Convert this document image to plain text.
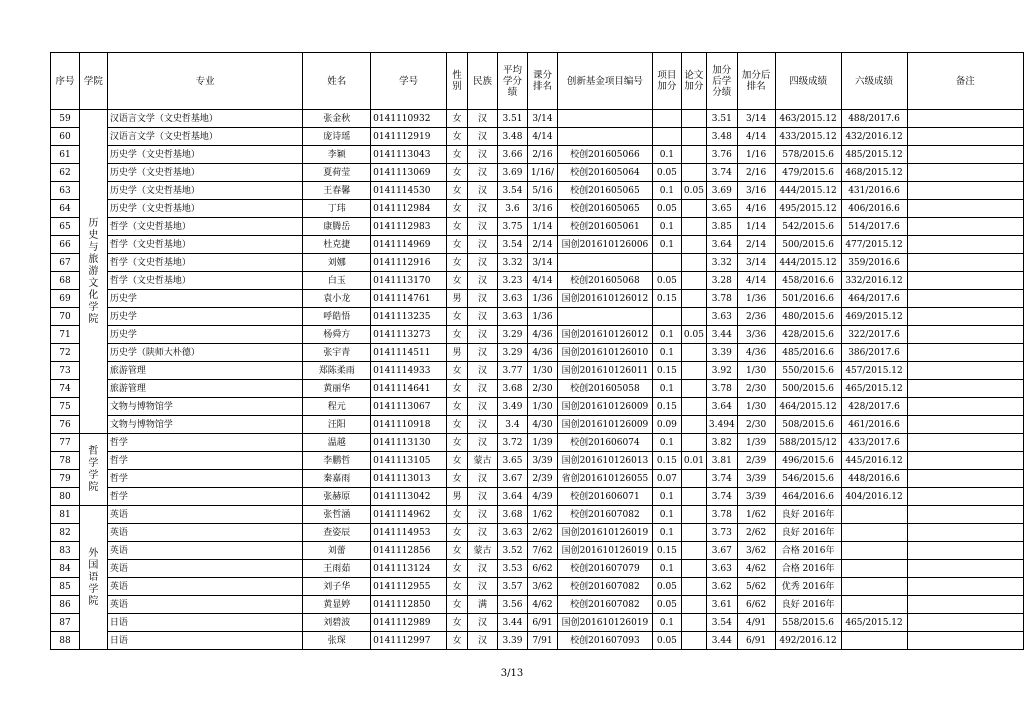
序号	学院	专业	姓名	学号	性别	民族	平均学分绩	课分排名	创新基金项目编号	项目加分	论文加分	加分后学分绩	加分后排名	四级成绩	六级成绩	备注
59	历史与旅游文化学院	汉语言文学（文史哲基地）	张金秋	0141110932	女	汉	3.51	3/14				3.51	3/14	463/2015.12	488/2017.6	
60		汉语言文学（文史哲基地）	庞诗瑶	0141112919	女	汉	3.48	4/14				3.48	4/14	433/2015.12	432/2016.12	
61		历史学（文史哲基地）	李颖	0141113043	女	汉	3.66	2/16	校创201605066	0.1		3.76	1/16	578/2015.6	485/2015.12	
62		历史学（文史哲基地）	夏荷莹	0141113069	女	汉	3.69	1/16/	校创201605064	0.05		3.74	2/16	479/2015.6	468/2015.12	
63		历史学（文史哲基地）	王春馨	0141114530	女	汉	3.54	5/16	校创201605065	0.1	0.05	3.69	3/16	444/2015.12	431/2016.6	
64		历史学（文史哲基地）	丁玮	0141112984	女	汉	3.6	3/16	校创201605065	0.05		3.65	4/16	495/2015.12	406/2016.6	
65		哲学（文史哲基地）	康腾岳	0141112983	女	汉	3.75	1/14	校创201605061	0.1		3.85	1/14	542/2015.6	514/2017.6	
66		哲学（文史哲基地）	杜克捷	0141114969	女	汉	3.54	2/14	国创201610126006	0.1		3.64	2/14	500/2015.6	477/2015.12	
67		哲学（文史哲基地）	刘娜	0141112916	女	汉	3.32	3/14				3.32	3/14	444/2015.12	359/2016.6	
68		哲学（文史哲基地）	白玉	0141113170	女	汉	3.23	4/14	校创201605068	0.05		3.28	4/14	458/2016.6	332/2016.12	
69		历史学	袁小龙	0141114761	男	汉	3.63	1/36	国创201610126012	0.15		3.78	1/36	501/2016.6	464/2017.6	
70		历史学	呼皓悟	0141113235	女	汉	3.63	1/36				3.63	2/36	480/2015.6	469/2015.12	
71		历史学	杨舜方	0141113273	女	汉	3.29	4/36	国创201610126012	0.1	0.05	3.44	3/36	428/2015.6	322/2017.6	
72		历史学（陕师大朴德）	张宇青	0141114511	男	汉	3.29	4/36	国创201610126010	0.1		3.39	4/36	485/2016.6	386/2017.6	
73		旅游管理	郑陈柔雨	0141114933	女	汉	3.77	1/30	国创201610126011	0.15		3.92	1/30	550/2015.6	457/2015.12	
74		旅游管理	黄丽华	0141114641	女	汉	3.68	2/30	校创201605058	0.1		3.78	2/30	500/2015.6	465/2015.12	
75		文物与博物馆学	程元	0141113067	女	汉	3.49	1/30	国创201610126009	0.15		3.64	1/30	464/2015.12	428/2017.6	
76		文物与博物馆学	汪阳	0141110918	女	汉	3.4	4/30	国创201610126009	0.09		3.494	2/30	508/2015.6	461/2016.6	
77	哲学学院	哲学	温越	0141113130	女	汉	3.72	1/39	校创201606074	0.1		3.82	1/39	588/2015/12	433/2017.6	
78		哲学	李鹏哲	0141113105	女	蒙古	3.65	3/39	国创201610126013	0.15	0.01	3.81	2/39	496/2015.6	445/2016.12	
79		哲学	秦嘉雨	0141113013	女	汉	3.67	2/39	省创201610126055	0.07		3.74	3/39	546/2015.6	448/2016.6	
80		哲学	张赫原	0141113042	男	汉	3.64	4/39	校创201606071	0.1		3.74	3/39	464/2016.6	404/2016.12	
81	外国语学院	英语	张哲涵	0141114962	女	汉	3.68	1/62	校创201607082	0.1		3.78	1/62	良好 2016年		
82		英语	查姿辰	0141114953	女	汉	3.63	2/62	国创201610126019	0.1		3.73	2/62	良好 2016年		
83		英语	刘蕾	0141112856	女	蒙古	3.52	7/62	国创201610126019	0.15		3.67	3/62	合格 2016年		
84		英语	王雨茹	0141113124	女	汉	3.53	6/62	校创201607079	0.1		3.63	4/62	合格 2016年		
85		英语	刘子华	0141112955	女	汉	3.57	3/62	校创201607082	0.05		3.62	5/62	优秀 2016年		
86		英语	黄显婷	0141112850	女	满	3.56	4/62	校创201607082	0.05		3.61	6/62	良好 2016年		
87		日语	刘碧波	0141112989	女	汉	3.44	6/91	国创201610126019	0.1		3.54	4/91	558/2015.6	465/2015.12	
88		日语	张琛	0141112997	女	汉	3.39	7/91	校创201607093	0.05		3.44	6/91	492/2016.12		
3/13
